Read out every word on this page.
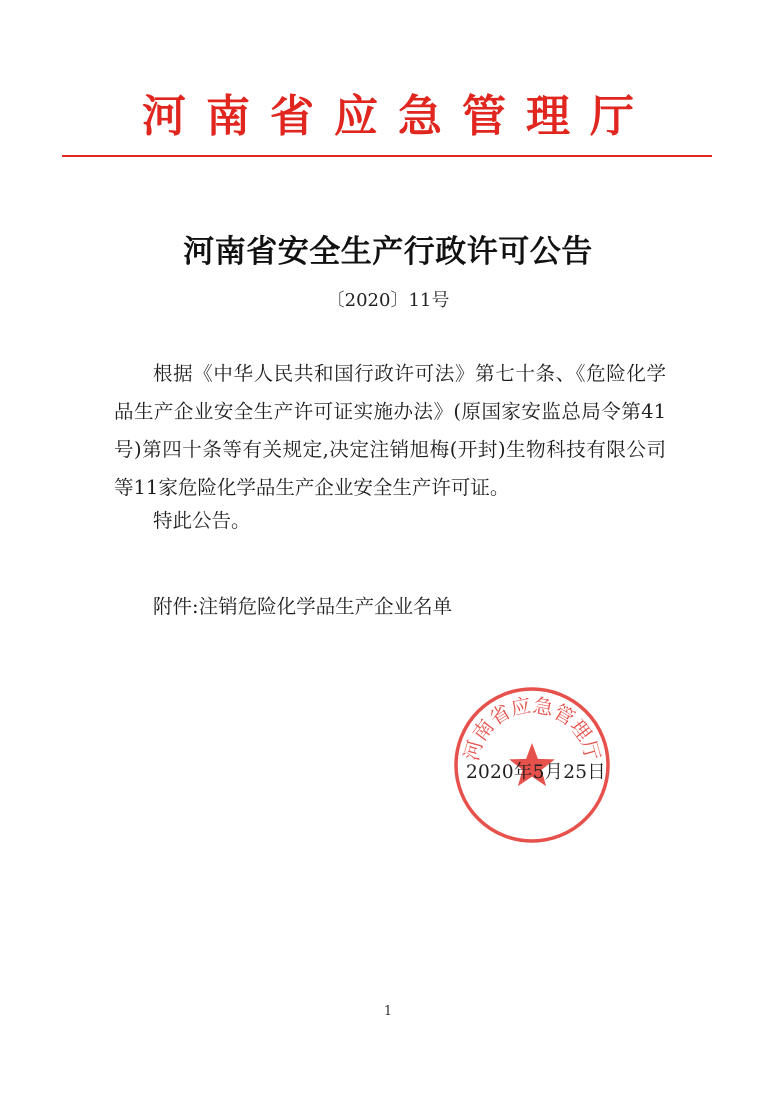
河南省应急管理厅
河南省安全生产行政许可公告
〔2020〕11号

根据《中华人民共和国行政许可法》第七十条、《危险化学品生产企业安全生产许可证实施办法》(原国家安监总局令第41号)第四十条等有关规定,决定注销旭梅(开封)生物科技有限公司等11家危险化学品生产企业安全生产许可证。

特此公告。

附件:注销危险化学品生产企业名单

河南省应急管理厅
2020年5月25日
1
